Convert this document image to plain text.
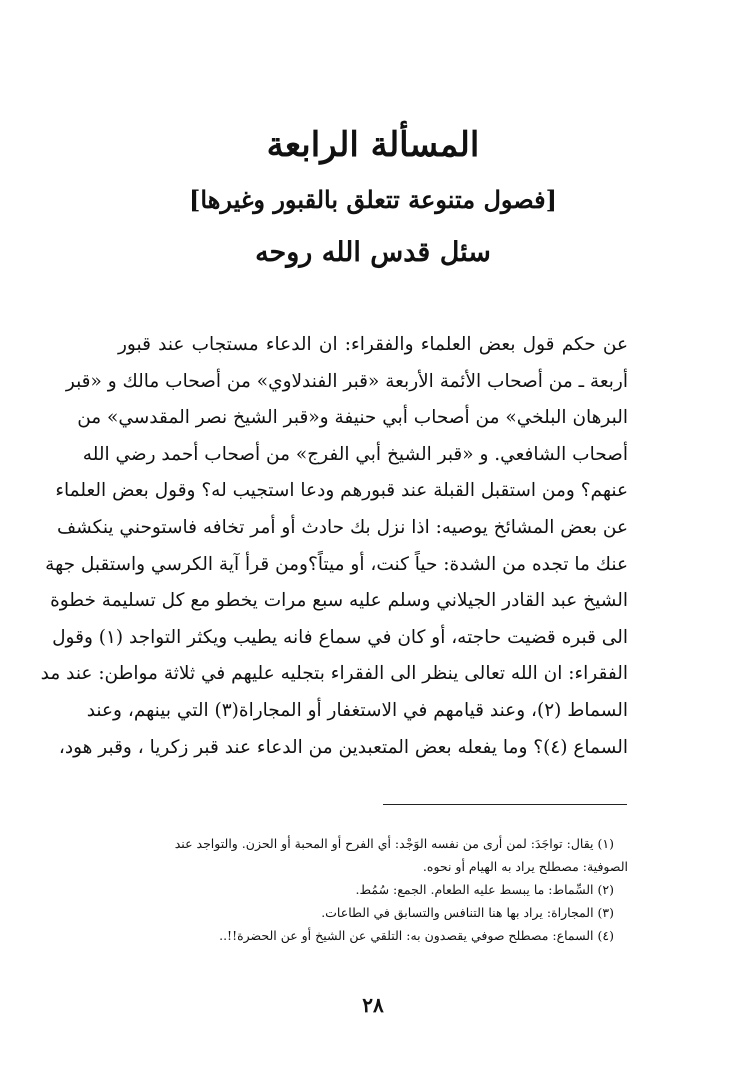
المسألة الرابعة
[فصول متنوعة تتعلق بالقبور وغيرها]
سئل قدس الله روحه
عن حكم قول بعض العلماء والفقراء: ان الدعاء مستجاب عند قبور
أربعة ـ من أصحاب الأئمة الأربعة «قبر الفندلاوي» من أصحاب مالك و «قبر
البرهان البلخي» من أصحاب أبي حنيفة و«قبر الشيخ نصر المقدسي» من
أصحاب الشافعي. و «قبر الشيخ أبي الفرج» من أصحاب أحمد رضي الله
عنهم؟ ومن استقبل القبلة عند قبورهم ودعا استجيب له؟ وقول بعض العلماء
عن بعض المشائخ يوصيه: اذا نزل بك حادث أو أمر تخافه فاستوحني ينكشف
عنك ما تجده من الشدة: حياً كنت، أو ميتاً؟ومن قرأ آية الكرسي واستقبل جهة
الشيخ عبد القادر الجيلاني وسلم عليه سبع مرات يخطو مع كل تسليمة خطوة
الى قبره قضيت حاجته، أو كان في سماع فانه يطيب ويكثر التواجد (١) وقول
الفقراء: ان الله تعالى ينظر الى الفقراء بتجليه عليهم في ثلاثة مواطن: عند مد
السماط (٢)، وعند قيامهم في الاستغفار أو المجاراة(٣) التي بينهم، وعند
السماع (٤)؟ وما يفعله بعض المتعبدين من الدعاء عند قبر زكريا ، وقبر هود،
(١) يقال: تواجَدَ: لمن أرى من نفسه الوَجْد: أي الفرح أو المحبة أو الحزن. والتواجد عند
الصوفية: مصطلح يراد به الهيام أو نحوه.
(٢) السِّماط: ما يبسط عليه الطعام. الجمع: سُمُط.
(٣) المجاراة: يراد بها هنا التنافس والتسابق في الطاعات.
(٤) السماع: مصطلح صوفي يقصدون به: التلقي عن الشيخ أو عن الحضرة!!..
٢٨
